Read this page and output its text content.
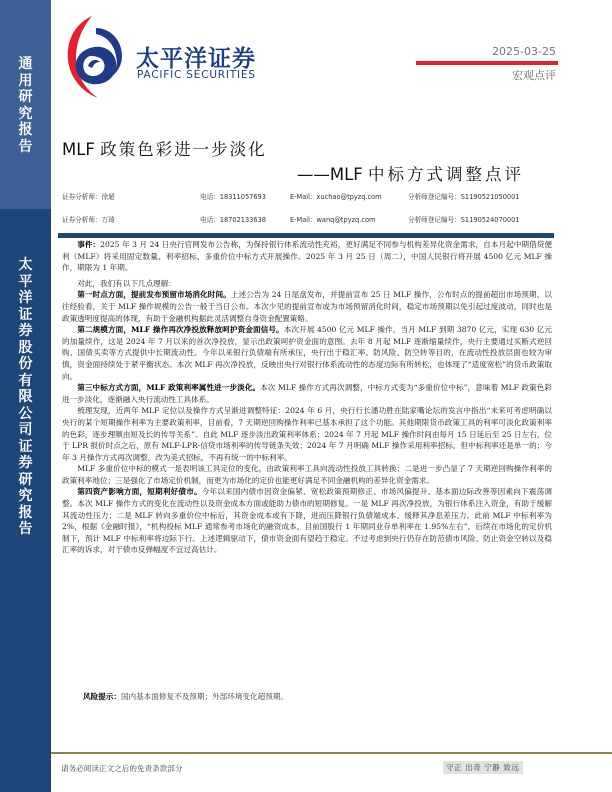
通
用
研
究
报
告
太
平
洋
证
券
股
份
有
限
公
司
证
券
研
究
报
告
太平洋证券
PACIFIC SECURITIES
2025-03-25
宏观点评
MLF 政策色彩进一步淡化
——MLF 中标方式调整点评
证券分析师：徐超	电话：18311057693	E-Mail：xuchao@tpyzq.com	分析师登记编号：S1190521050001
证券分析师：万琦	电话：18702133638	E-Mail：wanq@tpyzq.com	分析师登记编号：S1190524070001

事件：2025 年 3 月 24 日央行官网发布公告称，为保持银行体系流动性充裕，更好满足不同参与机构差异化资金需求，自本月起中期借贷便利（MLF）将采用固定数量、利率招标、多重价位中标方式开展操作。2025 年 3 月 25 日（周二），中国人民银行将开展 4500 亿元 MLF 操作，期限为 1 年期。

对此，我们有以下几点理解：

第一时点方面，提前发布预留市场消化时间。上述公告为 24 日尾盘发布，并提前宣布 25 日 MLF 操作，公布时点的提前超出市场预期。以往经验看，关于 MLF 操作规模的公告一般于当日公布。本次少见的提前宣布或为市场预留消化时间，稳定市场预期以免引起过度波动，同时也是政策透明度提高的体现，有助于金融机构据此灵活调整自身资金配置策略。

第二规模方面，MLF 操作再次净投放释放呵护资金面信号。本次开展 4500 亿元 MLF 操作，当月 MLF 到期 3870 亿元，实现 630 亿元的加量续作，这是 2024 年 7 月以来的首次净投放，显示出政策呵护资金面的意图。去年 8 月起 MLF 逐渐缩量续作，央行主要通过买断式逆回购、国债买卖等方式提供中长期流动性。今年以来银行负债端有所承压，央行出于稳汇率、防风险、防空转等目的，在流动性投放层面也较为审慎，资金面持续处于紧平衡状态。本次 MLF 再次净投放，反映出央行对银行体系流动性的态度边际有所转松，也体现了“适度宽松”的货币政策取向。

第三中标方式方面，MLF 政策利率属性进一步淡化。本次 MLF 操作方式再次调整，中标方式变为“多重价位中标”，意味着 MLF 政策色彩进一步淡化，逐渐融入央行流动性工具体系。

梳理发现，近两年 MLF 定位以及操作方式呈渐进调整特征：2024 年 6 月，央行行长潘功胜在陆家嘴论坛的发言中指出“未来可考虑明确以央行的某个短期操作利率为主要政策利率，目前看，7 天期逆回购操作利率已基本承担了这个功能。其他期限货币政策工具的利率可淡化政策利率的色彩，逐步理顺由短及长的传导关系”。自此 MLF 逐步淡出政策利率体系；2024 年 7 月起 MLF 操作时间由每月 15 日延后至 25 日左右，位于 LPR 报价时点之后，原有 MLF-LPR-信贷市场利率的传导链条失效；2024 年 7 月明确 MLF 操作采用利率招标，但中标利率还是单一的；今年 3 月操作方式再次调整，改为美式招标，不再有统一的中标利率。

MLF 多重价位中标的模式一是表明该工具定位的变化，由政策利率工具向流动性投放工具转换；二是进一步凸显了 7 天期逆回购操作利率的政策利率地位；三是强化了市场定价机制，而更为市场化的定价也能更好满足不同金融机构的差异化资金需求。

第四资产影响方面，短期利好债市。今年以来国内债市因资金偏紧、宽松政策预期修正、市场风偏提升、基本面边际改善等因素向下震荡调整。本次 MLF 操作方式的变化在流动性以及资金成本方面或能助力债市的短期修复。一是 MLF 再次净投放，为银行体系注入资金，有助于缓解其流动性压力；二是 MLF 转向多重价位中标后，其资金成本或有下降，进而压降银行负债端成本、缓释其净息差压力。此前 MLF 中标利率为 2%，根据《金融时报》，“机构投标 MLF 通常参考市场化的融资成本，目前国股行 1 年期同业存单利率在 1.95%左右”，后续在市场化的定价机制下，预计 MLF 中标利率将边际下行。上述逻辑驱动下，债市资金面有望趋于稳定。不过考虑到央行仍存在防范债市风险、防止资金空转以及稳汇率的诉求，对于债市反弹幅度不宜过高估计。

风险提示：国内基本面修复不及预期；外部环境变化超预期。
请务必阅读正文之后的免责条款部分	守正 出奇 宁静 致远
